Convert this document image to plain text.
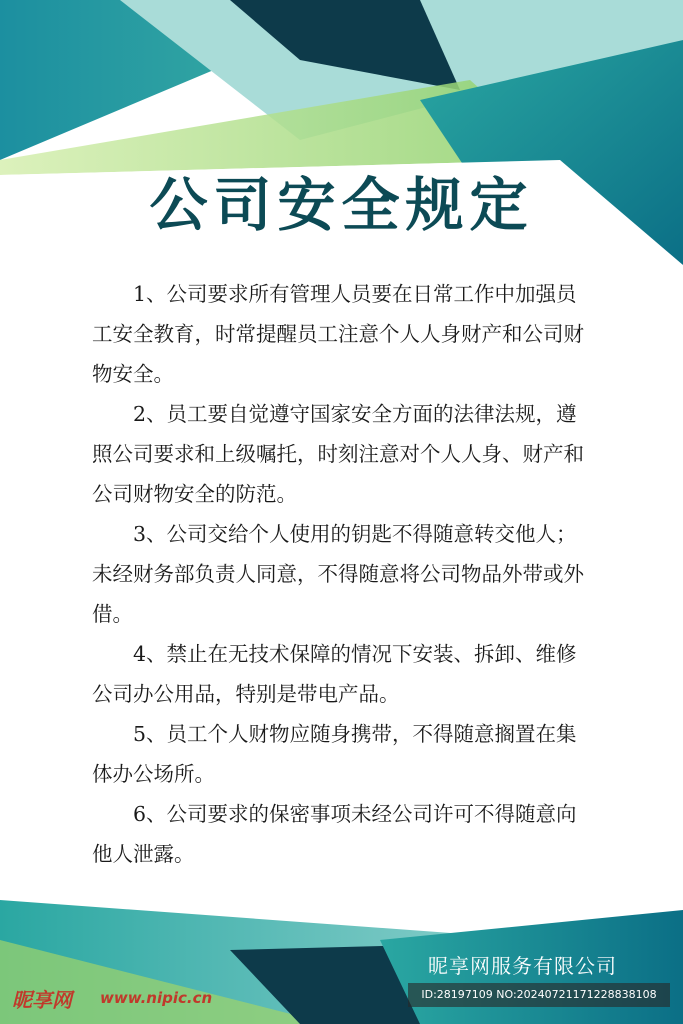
公司安全规定
1、公司要求所有管理人员要在日常工作中加强员工安全教育，时常提醒员工注意个人人身财产和公司财物安全。
2、员工要自觉遵守国家安全方面的法律法规，遵照公司要求和上级嘱托，时刻注意对个人人身、财产和公司财物安全的防范。
3、公司交给个人使用的钥匙不得随意转交他人；未经财务部负责人同意，不得随意将公司物品外带或外借。
4、禁止在无技术保障的情况下安装、拆卸、维修公司办公用品，特别是带电产品。
5、员工个人财物应随身携带，不得随意搁置在集体办公场所。
6、公司要求的保密事项未经公司许可不得随意向他人泄露。
昵享网服务有限公司
昵享网 www.nipic.cn	ID:28197109 NO:20240721171228838108
